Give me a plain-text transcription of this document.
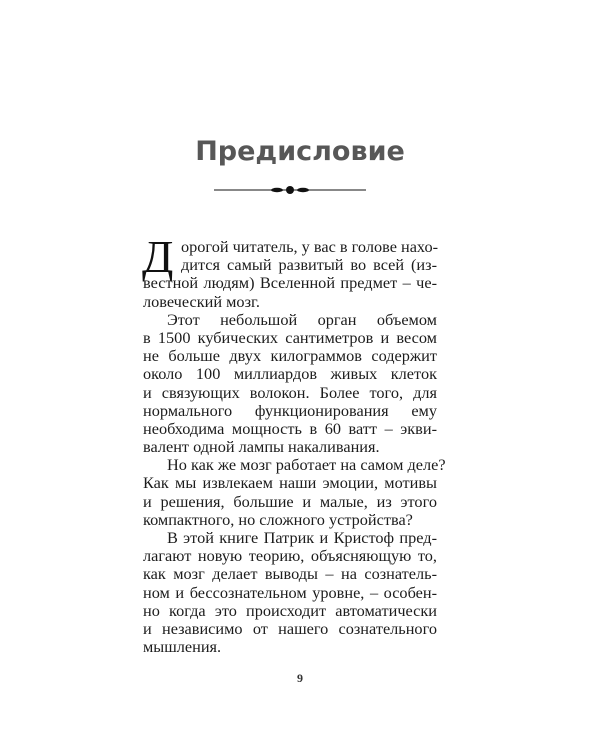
Предисловие
Д орогой читатель, у вас в голове нахо-
дится самый развитый во всей (из-
вестной людям) Вселенной предмет – че-
ловеческий мозг.
Этот небольшой орган объемом
в 1500 кубических сантиметров и весом
не больше двух килограммов содержит
около 100 миллиардов живых клеток
и связующих волокон. Более того, для
нормального функционирования ему
необходима мощность в 60 ватт – экви-
валент одной лампы накаливания.
Но как же мозг работает на самом деле?
Как мы извлекаем наши эмоции, мотивы
и решения, большие и малые, из этого
компактного, но сложного устройства?
В этой книге Патрик и Кристоф пред-
лагают новую теорию, объясняющую то,
как мозг делает выводы – на сознатель-
ном и бессознательном уровне, – особен-
но когда это происходит автоматически
и независимо от нашего сознательного
мышления.
9
